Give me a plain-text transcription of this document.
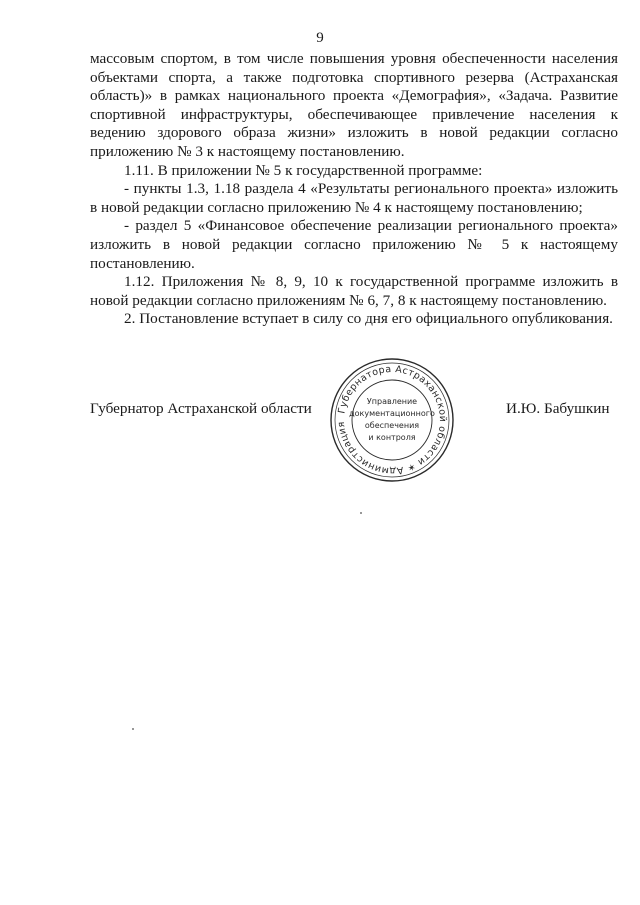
9

массовым спортом, в том числе повышения уровня обеспеченности населения объектами спорта, а также подготовка спортивного резерва (Астраханская область)» в рамках национального проекта «Демография», «Задача. Развитие спортивной инфраструктуры, обеспечивающее привлечение населения к ведению здорового образа жизни» изложить в новой редакции согласно приложению № 3 к настоящему постановлению.

1.11. В приложении № 5 к государственной программе:

- пункты 1.3, 1.18 раздела 4 «Результаты регионального проекта» изложить в новой редакции согласно приложению № 4 к настоящему постановлению;

- раздел 5 «Финансовое обеспечение реализации регионального проекта» изложить в новой редакции согласно приложению № 5 к настоящему постановлению.

1.12. Приложения № 8, 9, 10 к государственной программе изложить в новой редакции согласно приложениям № 6, 7, 8 к настоящему постановлению.

2. Постановление вступает в силу со дня его официального опубликования.

Губернатор Астраханской области	И.Ю. Бабушкин
Губернатора Астраханской области ✶ Администрация
Управление
документационного
обеспечения
и контроля
